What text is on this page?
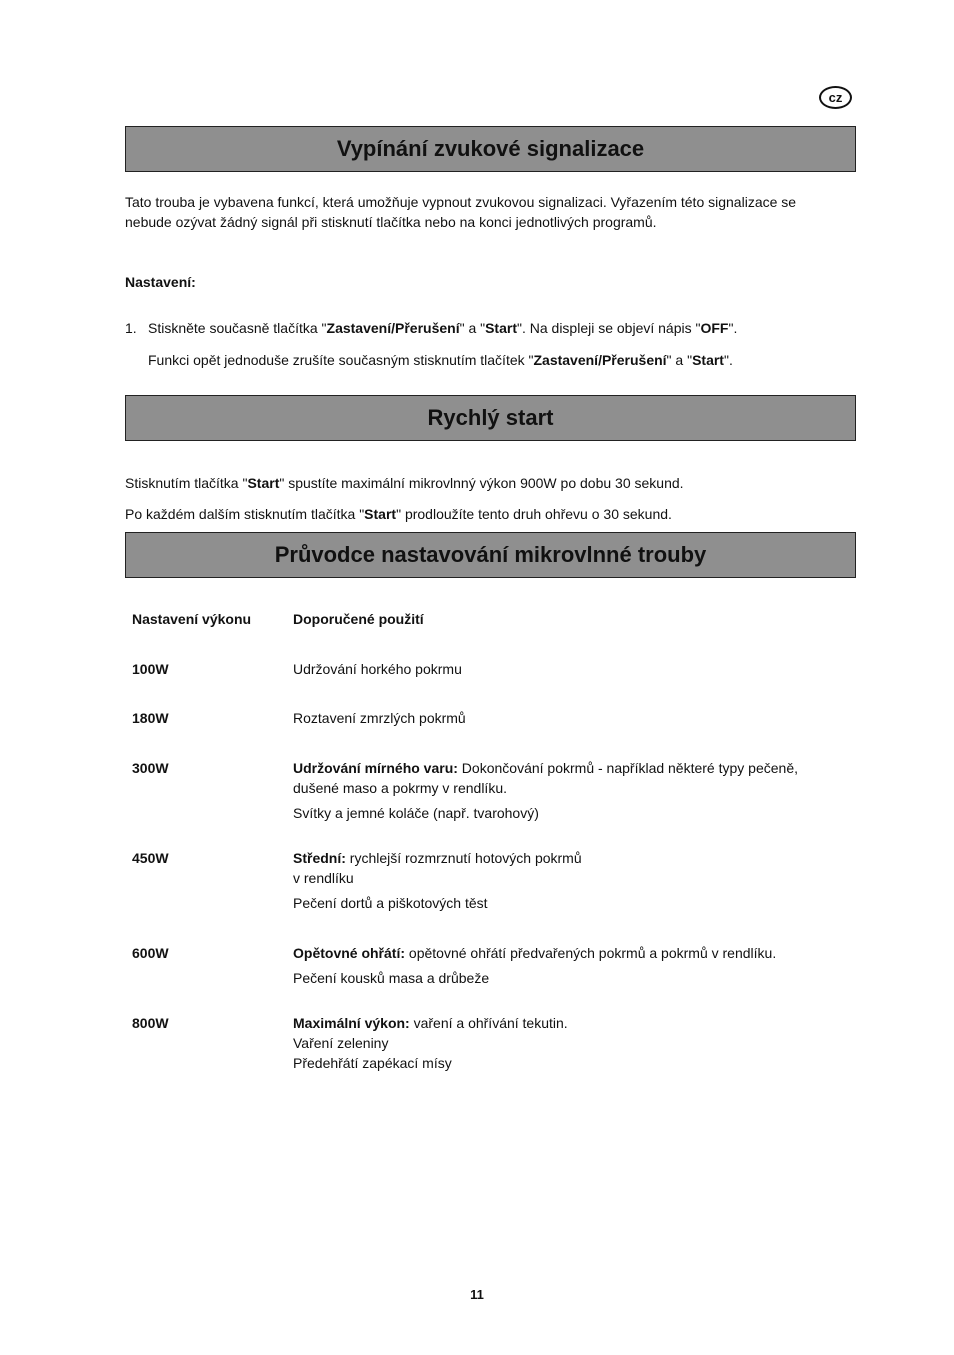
cz
Vypínání zvukové signalizace
Tato trouba je vybavena funkcí, která umožňuje vypnout zvukovou signalizaci. Vyřazením této signalizace se nebude ozývat žádný signál při stisknutí tlačítka nebo na konci jednotlivých programů.
Nastavení:
1. Stiskněte současně tlačítka "Zastavení/Přerušení" a "Start". Na displeji se objeví nápis "OFF".
Funkci opět jednoduše zrušíte současným stisknutím tlačítek "Zastavení/Přerušení" a "Start".
Rychlý start
Stisknutím tlačítka "Start" spustíte maximální mikrovlnný výkon 900W po dobu 30 sekund.
Po každém dalším stisknutím tlačítka "Start" prodloužíte tento druh ohřevu o 30 sekund.
Průvodce nastavování mikrovlnné trouby
Nastavení výkonu	Doporučené použití
100W	Udržování horkého pokrmu
180W	Roztavení zmrzlých pokrmů
300W	Udržování mírného varu: Dokončování pokrmů - například některé typy pečeně, dušené maso a pokrmy v rendlíku.
Svítky a jemné koláče (např. tvarohový)
450W	Střední: rychlejší rozmrznutí hotových pokrmů
v rendlíku
Pečení dortů a piškotových těst
600W	Opětovné ohřátí: opětovné ohřátí předvařených pokrmů a pokrmů v rendlíku.
Pečení kousků masa a drůbeže
800W	Maximální výkon: vaření a ohřívání tekutin.
Vaření zeleniny
Předehřátí zapékací mísy
11
